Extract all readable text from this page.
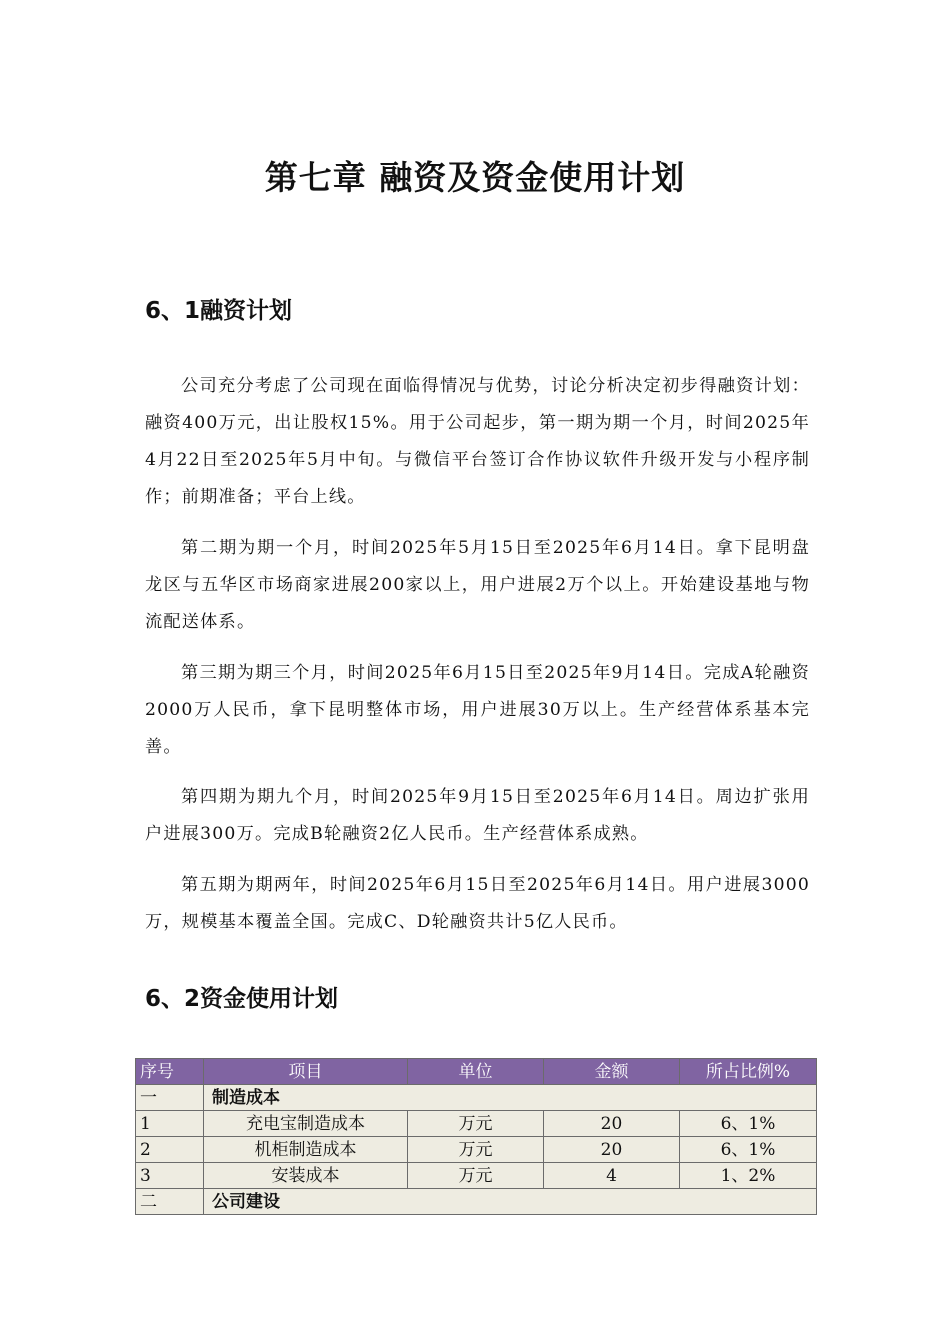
第七章 融资及资金使用计划
6、1融资计划

公司充分考虑了公司现在面临得情况与优势，讨论分析决定初步得融资计划：融资400万元，出让股权15%。用于公司起步，第一期为期一个月，时间2025年4月22日至2025年5月中旬。与微信平台签订合作协议软件升级开发与小程序制作；前期准备；平台上线。

第二期为期一个月，时间2025年5月15日至2025年6月14日。拿下昆明盘龙区与五华区市场商家进展200家以上，用户进展2万个以上。开始建设基地与物流配送体系。

第三期为期三个月，时间2025年6月15日至2025年9月14日。完成A轮融资2000万人民币，拿下昆明整体市场，用户进展30万以上。生产经营体系基本完善。

第四期为期九个月，时间2025年9月15日至2025年6月14日。周边扩张用户进展300万。完成B轮融资2亿人民币。生产经营体系成熟。

第五期为期两年，时间2025年6月15日至2025年6月14日。用户进展3000万，规模基本覆盖全国。完成C、D轮融资共计5亿人民币。

6、2资金使用计划
序号	项目	单位	金额	所占比例%
一	制造成本			
1	充电宝制造成本	万元	20	6、1%
2	机柜制造成本	万元	20	6、1%
3	安装成本	万元	4	1、2%
二	公司建设			
